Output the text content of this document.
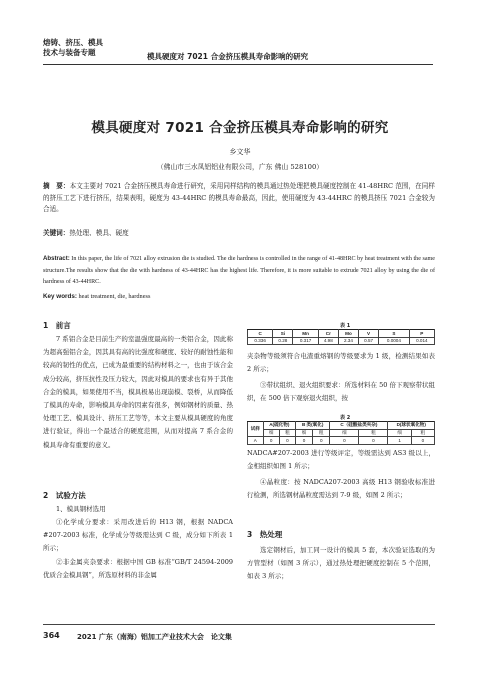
熔铸、挤压、模具
技术与装备专题	模具硬度对 7021 合金挤压模具寿命影响的研究
模具硬度对 7021 合金挤压模具寿命影响的研究
乡文华
（佛山市三水凤铝铝业有限公司，广东 佛山 528100）
摘　要：本文主要对 7021 合金挤压模具寿命进行研究，采用同样结构的模具通过热处理把模具硬度控制在 41-48HRC 范围，在同样的挤压工艺下进行挤压，结果表明，硬度为 43-44HRC 的模具寿命最高，因此，使用硬度为 43-44HRC 的模具挤压 7021 合金较为合适。
关键词：热处理、模具、硬度
Abstract: In this paper, the life of 7021 alloy extrusion die is studied. The die hardness is controlled in the range of 41-48HRC by heat treatment with the same structure.The results show that the die with hardness of 43-44HRC has the highest life. Therefore, it is more suitable to extrude 7021 alloy by using the die of hardness of 43-44HRC.
Key words: heat treatment, die, hardness
1　前言
7 系铝合金是目前生产的室温强度最高的一类铝合金，因此称为超高强铝合金，因其具有高的比强度和硬度、较好的耐蚀性能和较高的韧性的优点，已成为最重要的结构材料之一，也由于该合金成分较高，挤压抗性及压力较大，因此对模具的要求也有异于其他合金的模具，如果使用不当，模具极易出现崩模、裂桥，从而降低了模具的寿命，影响模具寿命的因素有很多，例如钢材的质量、热处理工艺、模具设计、挤压工艺等等，本文主要从模具硬度的角度进行验证，得出一个最适合的硬度范围，从而对提高 7 系合金的模具寿命有重要的意义。
2　试验方法
1、模具钢材选用
①化学成分要求：采用改进后的 H13 钢，根据 NADCA #207-2003 标准，化学成分等级需达到 C 级，成分如下所表 1 所示；
②非金属夹杂要求：根据中国 GB 标准“GB/T 24594-2009 优质合金模具钢”，所选原材料的非金属
表 1
C	Si	Mn	Cr	Mo	V	S	P
0.336	0.28	0.317	4.98	2.34	0.57	0.0004	0.014
夹杂物等级须符合电渣重熔钢的等级要求为 1 级，检测结果如表 2 所示；
③带状组织、退火组织要求：所选材料在 50 倍下观察带状组织，在 500 倍下观察退火组织，按
表 2
试样	A(硫化物)		B 类(氧化)		C（硅酸盐类夹杂)		D(球状氧化物)	
	细	粗	细	粗	细	粗	细	粗
A	0	0	0	0	0	0	1	0
NADCA#207-2003 进行等级评定，等级需达到 AS3 级以上，金相组织如图 1 所示；
④晶粒度：按 NADCA207-2003 高级 H13 钢验收标准进行检测，所选钢材晶粒度需达到 7-9 级，如图 2 所示；
3　热处理
选定钢材后，加工同一设计的模具 5 套，本次验证选取的为方管型材（如图 3 所示），通过热处理把硬度控制在 5 个范围，如表 3 所示；
364 2021 广东（南海）铝加工产业技术大会　论文集
